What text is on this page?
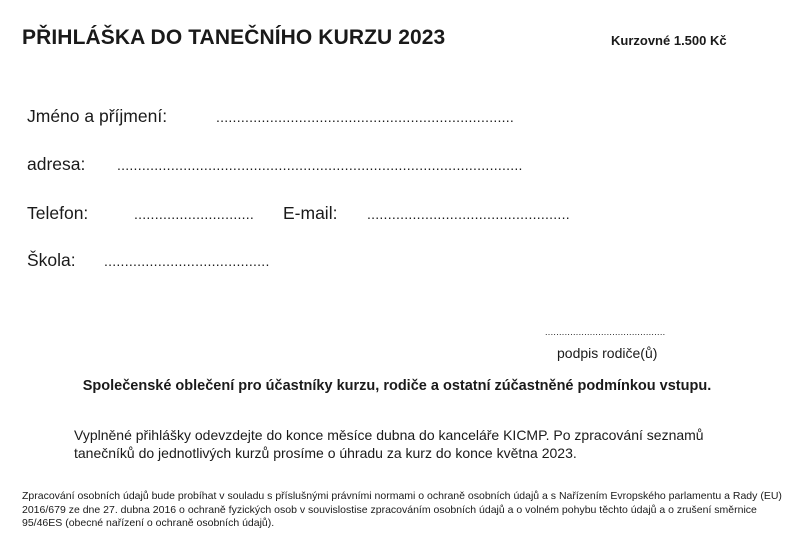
PŘIHLÁŠKA DO TANEČNÍHO KURZU 2023	Kurzovné 1.500 Kč
Jméno a příjmení:	........................................................................
adresa: ..................................................................................................
Telefon:	............................. E-mail: .................................................
Škola: ........................................
...........................................
podpis rodiče(ů)
Společenské oblečení pro účastníky kurzu, rodiče a ostatní zúčastněné podmínkou vstupu.
Vyplněné přihlášky odevzdejte do konce měsíce dubna do kanceláře KICMP. Po zpracování seznamů tanečníků do jednotlivých kurzů prosíme o úhradu za kurz do konce května 2023.
Zpracování osobních údajů bude probíhat v souladu s příslušnými právními normami o ochraně osobních údajů a s Nařízením Evropského parlamentu a Rady (EU) 2016/679 ze dne 27. dubna 2016 o ochraně fyzických osob v souvislostise zpracováním osobních údajů a o volném pohybu těchto údajů a o zrušení směrnice 95/46ES (obecné nařízení o ochraně osobních údajů).
